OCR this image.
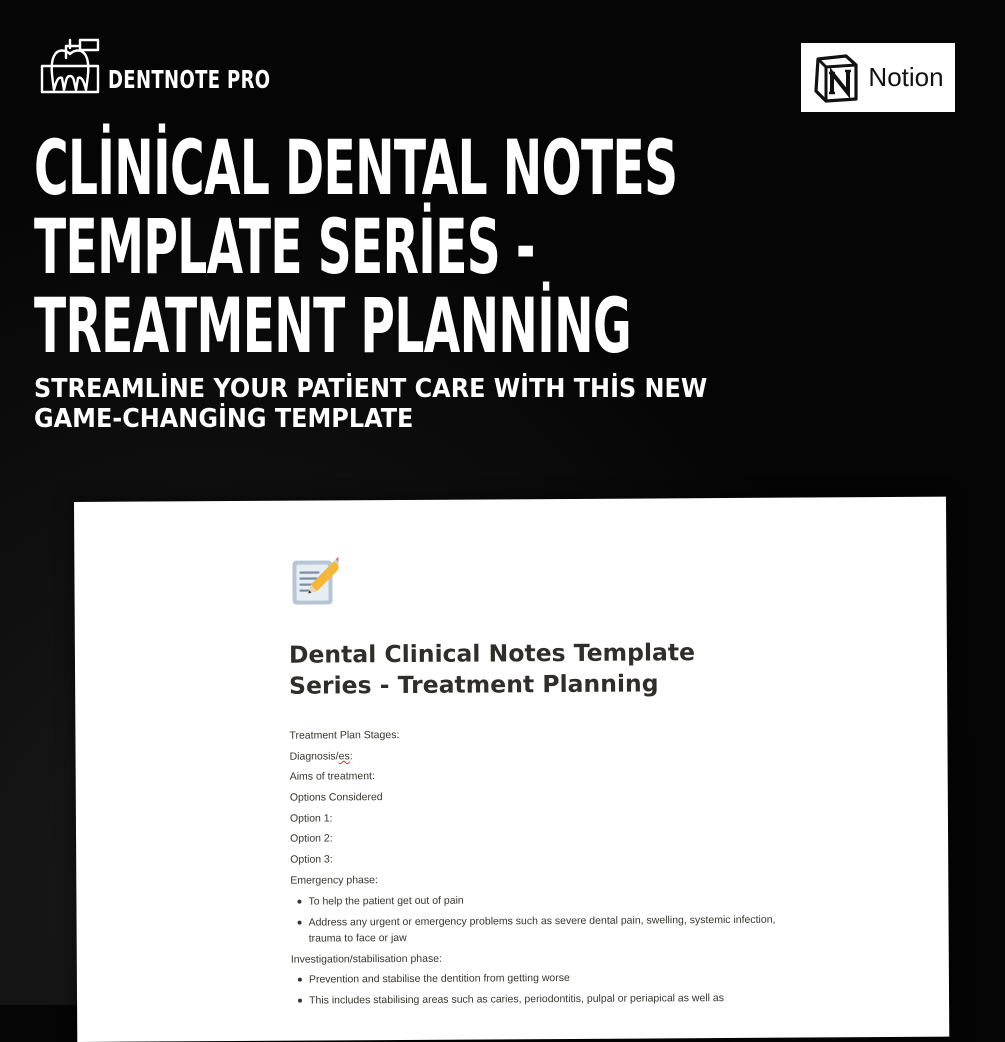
DENTNOTE PRO	Notion
CLİNİCAL DENTAL NOTES TEMPLATE SERİES - TREATMENT PLANNİNG

STREAMLİNE YOUR PATİENT CARE WİTH THİS NEW GAME-CHANGİNG TEMPLATE

Dental Clinical Notes Template Series - Treatment Planning
Treatment Plan Stages:
Diagnosis/es:
Aims of treatment:
Options Considered
Option 1:
Option 2:
Option 3:
Emergency phase:
To help the patient get out of pain
Address any urgent or emergency problems such as severe dental pain, swelling, systemic infection, trauma to face or jaw
Investigation/stabilisation phase:
Prevention and stabilise the dentition from getting worse
This includes stabilising areas such as caries, periodontitis, pulpal or periapical as well as
